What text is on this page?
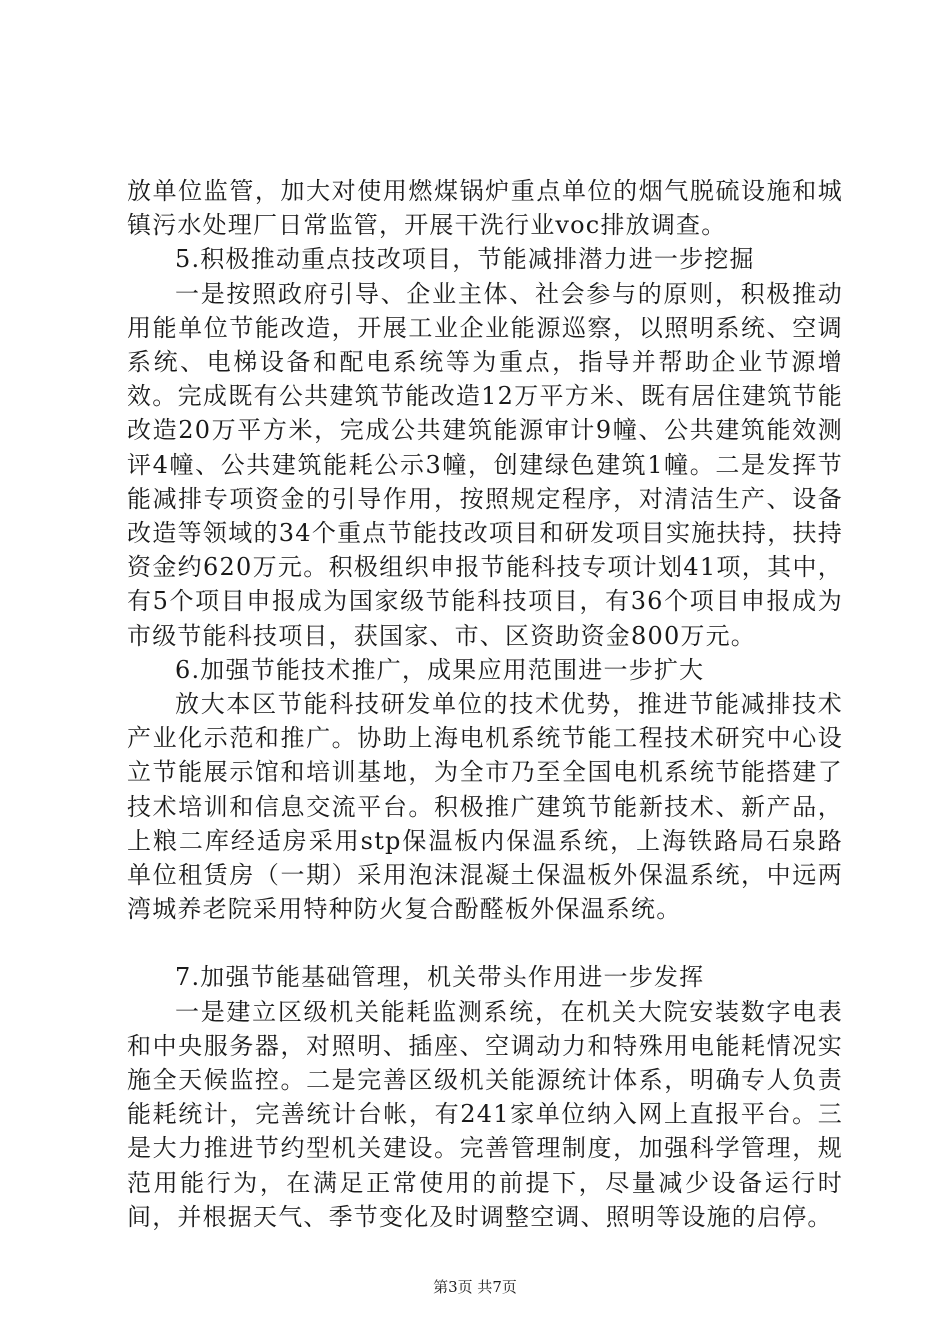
放单位监管，加大对使用燃煤锅炉重点单位的烟气脱硫设施和城镇污水处理厂日常监管，开展干洗行业voc排放调查。

5.积极推动重点技改项目，节能减排潜力进一步挖掘

一是按照政府引导、企业主体、社会参与的原则，积极推动用能单位节能改造，开展工业企业能源巡察，以照明系统、空调系统、电梯设备和配电系统等为重点，指导并帮助企业节源增效。完成既有公共建筑节能改造12万平方米、既有居住建筑节能改造20万平方米，完成公共建筑能源审计9幢、公共建筑能效测评4幢、公共建筑能耗公示3幢，创建绿色建筑1幢。二是发挥节能减排专项资金的引导作用，按照规定程序，对清洁生产、设备改造等领域的34个重点节能技改项目和研发项目实施扶持，扶持资金约620万元。积极组织申报节能科技专项计划41项，其中，有5个项目申报成为国家级节能科技项目，有36个项目申报成为市级节能科技项目，获国家、市、区资助资金800万元。

6.加强节能技术推广，成果应用范围进一步扩大

放大本区节能科技研发单位的技术优势，推进节能减排技术产业化示范和推广。协助上海电机系统节能工程技术研究中心设立节能展示馆和培训基地，为全市乃至全国电机系统节能搭建了技术培训和信息交流平台。积极推广建筑节能新技术、新产品，上粮二库经适房采用stp保温板内保温系统，上海铁路局石泉路单位租赁房（一期）采用泡沫混凝土保温板外保温系统，中远两湾城养老院采用特种防火复合酚醛板外保温系统。

7.加强节能基础管理，机关带头作用进一步发挥

一是建立区级机关能耗监测系统，在机关大院安装数字电表和中央服务器，对照明、插座、空调动力和特殊用电能耗情况实施全天候监控。二是完善区级机关能源统计体系，明确专人负责能耗统计，完善统计台帐，有241家单位纳入网上直报平台。三是大力推进节约型机关建设。完善管理制度，加强科学管理，规范用能行为，在满足正常使用的前提下，尽量减少设备运行时间，并根据天气、季节变化及时调整空调、照明等设施的启停。

第3页 共7页
